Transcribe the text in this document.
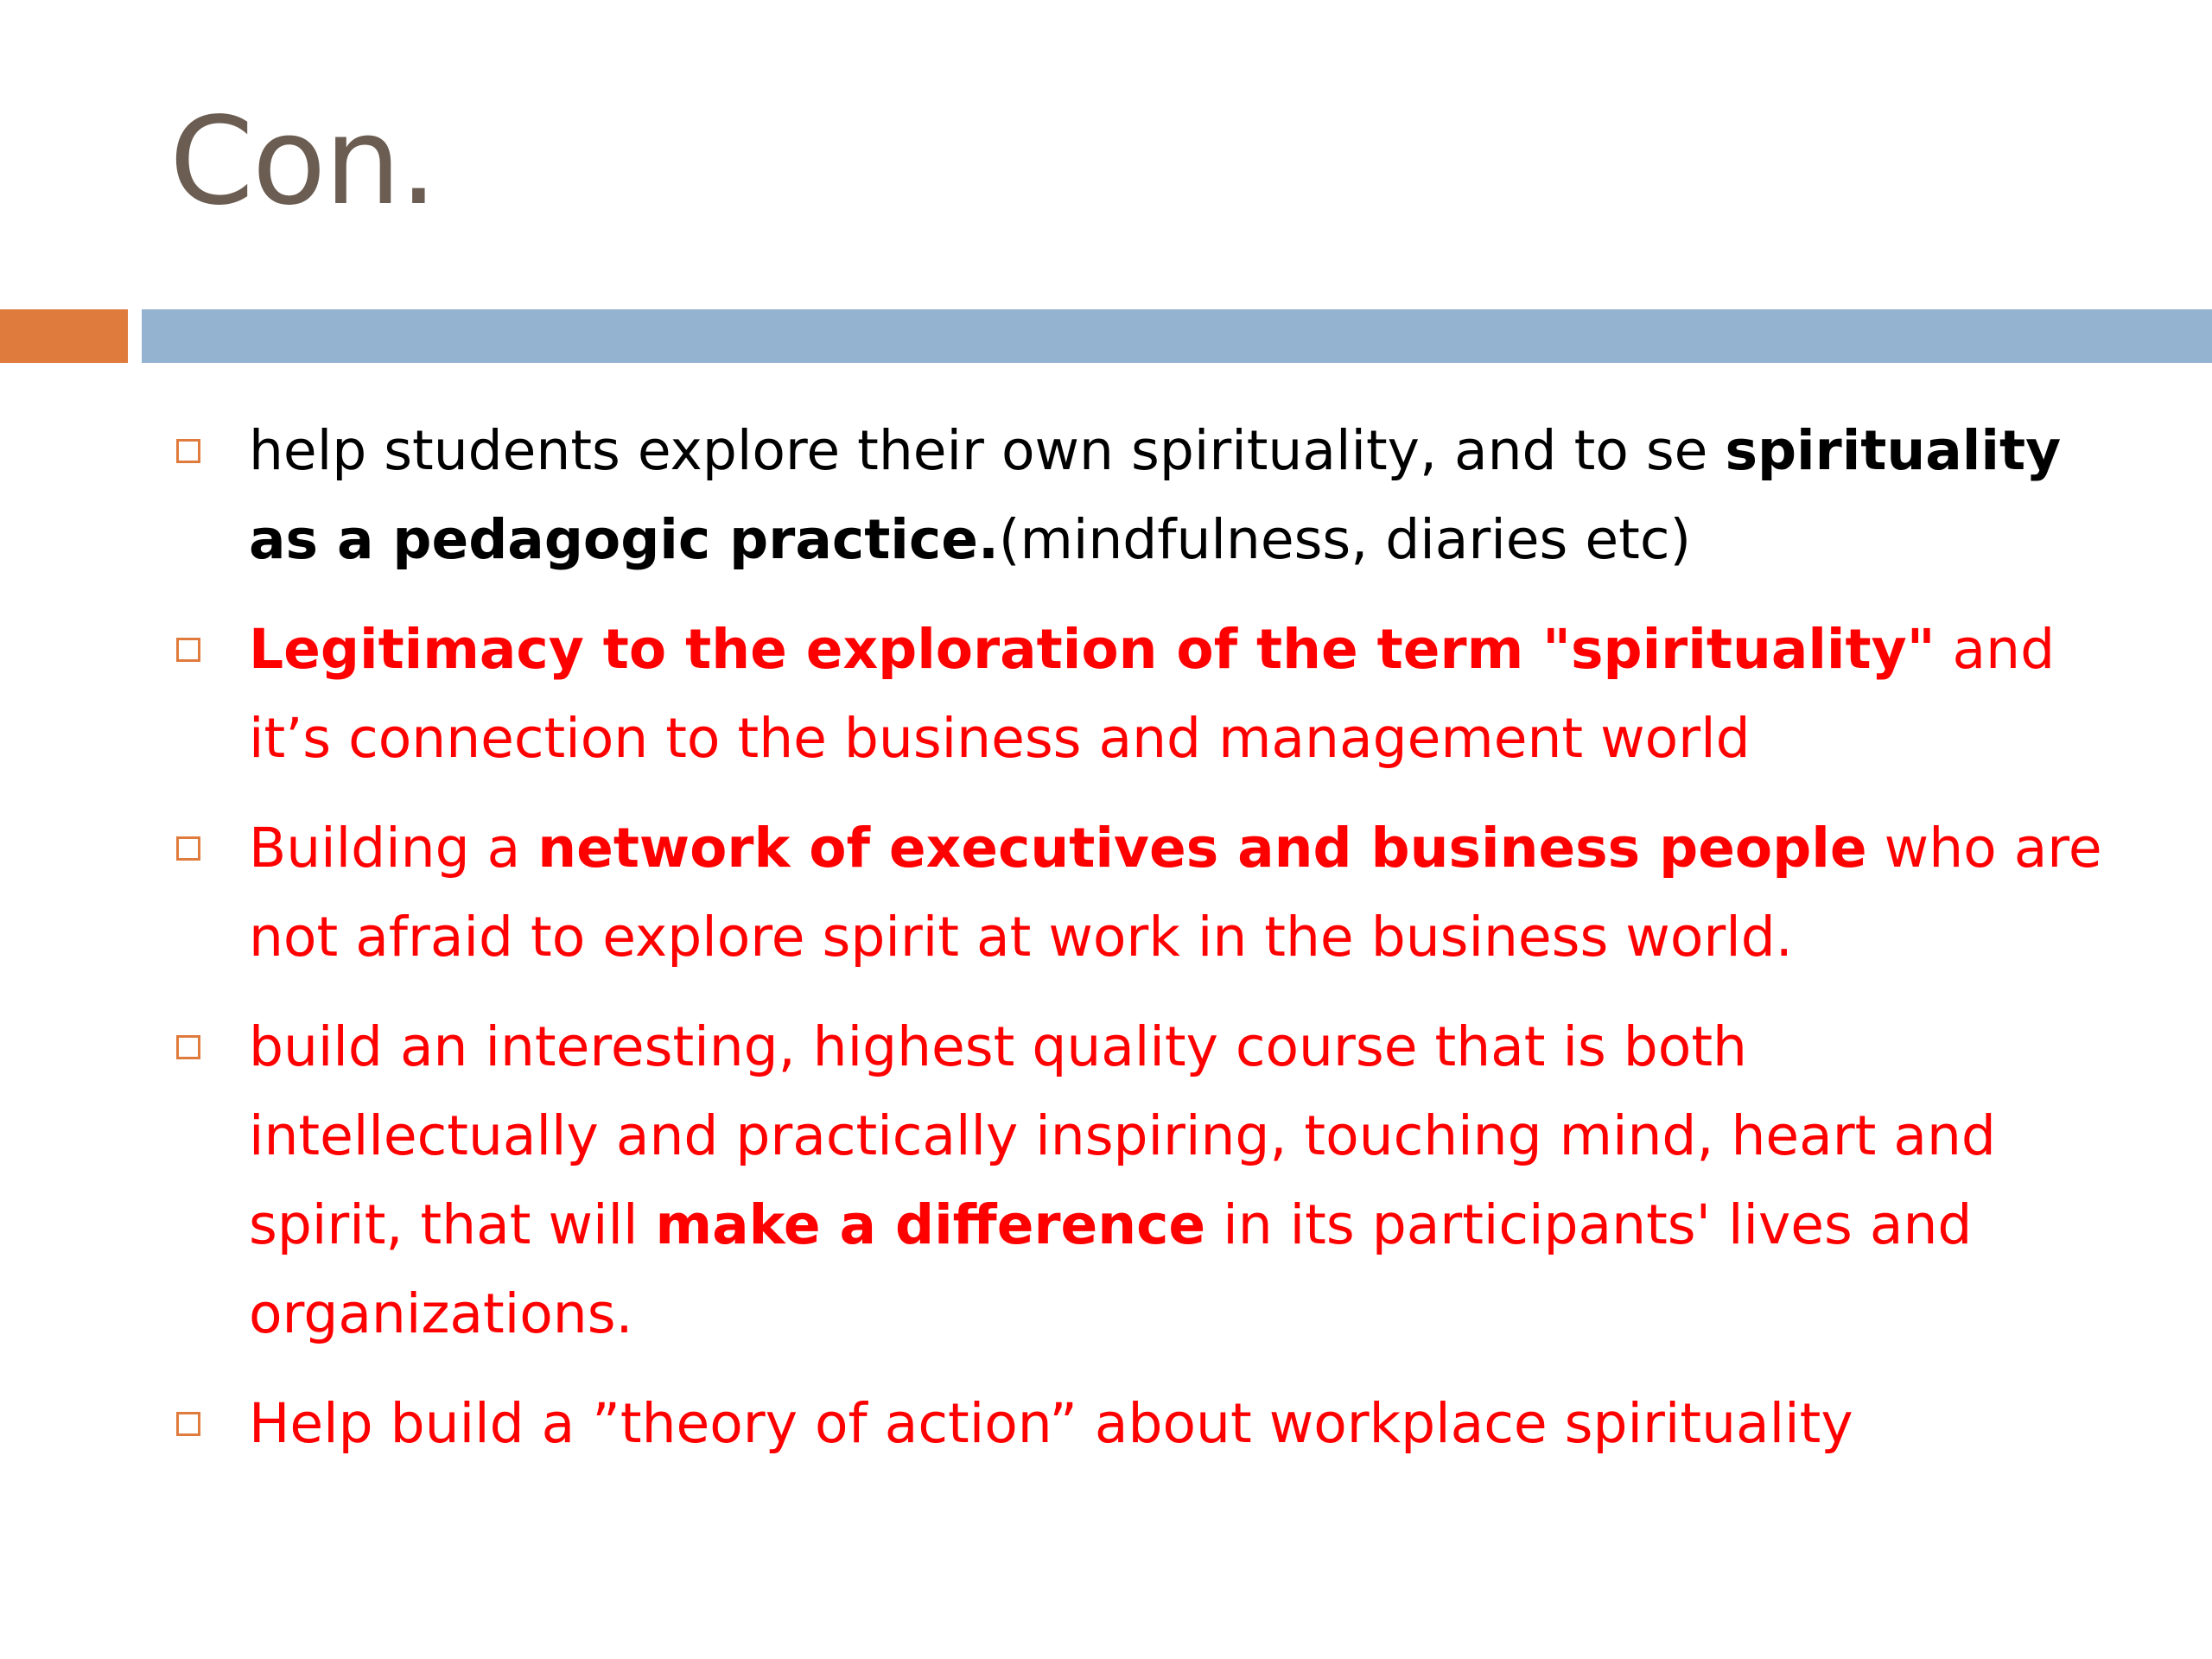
Con.
help students explore their own spirituality, and to se spirituality as a pedagogic practice.(mindfulness, diaries etc)
Legitimacy to the exploration of the term "spirituality" and it’s connection to the business and management world
Building a network of executives and business people who are not afraid to explore spirit at work in the business world.
build an interesting, highest quality course that is both intellectually and practically inspiring, touching mind, heart and spirit, that will make a difference in its participants' lives and organizations.
Help build a ”theory of action” about workplace spirituality
